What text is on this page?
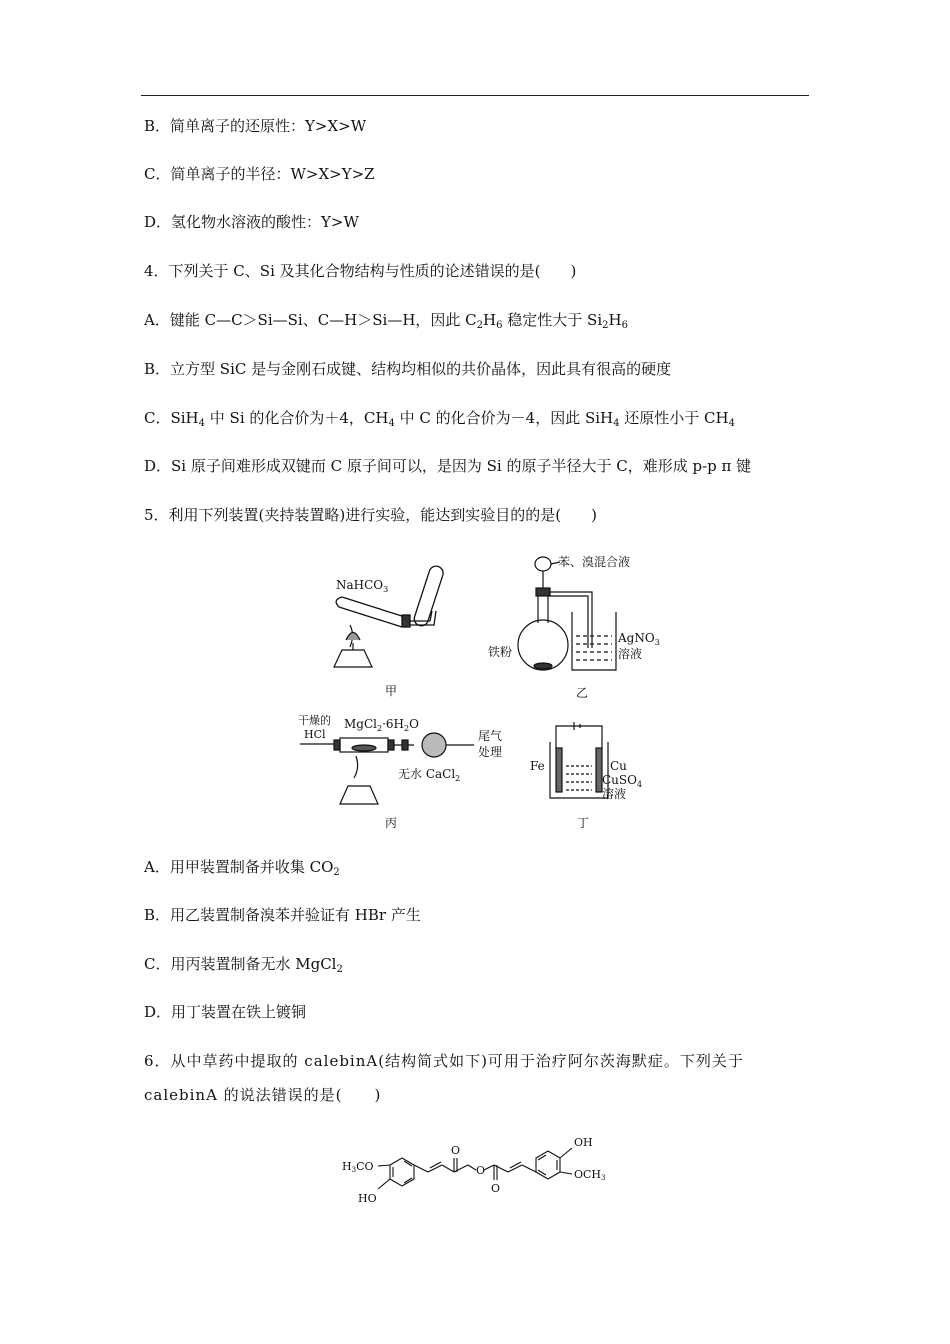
B．简单离子的还原性：Y>X>W
C．简单离子的半径：W>X>Y>Z
D．氢化物水溶液的酸性：Y>W
4．下列关于 C、Si 及其化合物结构与性质的论述错误的是(　　)
A．键能 C—C＞Si—Si、C—H＞Si—H，因此 $C_2H_6$ 稳定性大于 $Si_2H_6$
B．立方型 SiC 是与金刚石成键、结构均相似的共价晶体，因此具有很高的硬度
C．SiH$_4$ 中 Si 的化合价为＋4，$CH_4$ 中 C 的化合价为－4，因此 SiH$_4$ 还原性小于 $CH_4$
D．Si 原子间难形成双键而 C 原子间可以，是因为 Si 的原子半径大于 C，难形成 p-p π 键
5．利用下列装置(夹持装置略)进行实验，能达到实验目的的是(　　)
NaHCO$_3$
甲
苯、溴混合液
铁粉
AgNO$_3$
溶液
乙
干燥的
HCl
$MgCl_2\cdot 6H_2O$
尾气
处理
无水 CaCl$_2$
丙
Fe	Cu
CuSO$_4$
溶液
丁
A．用甲装置制备并收集 $CO_2$
B．用乙装置制备溴苯并验证有 HBr 产生
C．用丙装置制备无水 MgCl$_2$
D．用丁装置在铁上镀铜
6．从中草药中提取的 calebinA(结构简式如下)可用于治疗阿尔茨海默症。下列关于 calebinA 的说法错误的是(　　)
OH
OCH3
H3CO
HO
O
O
O
